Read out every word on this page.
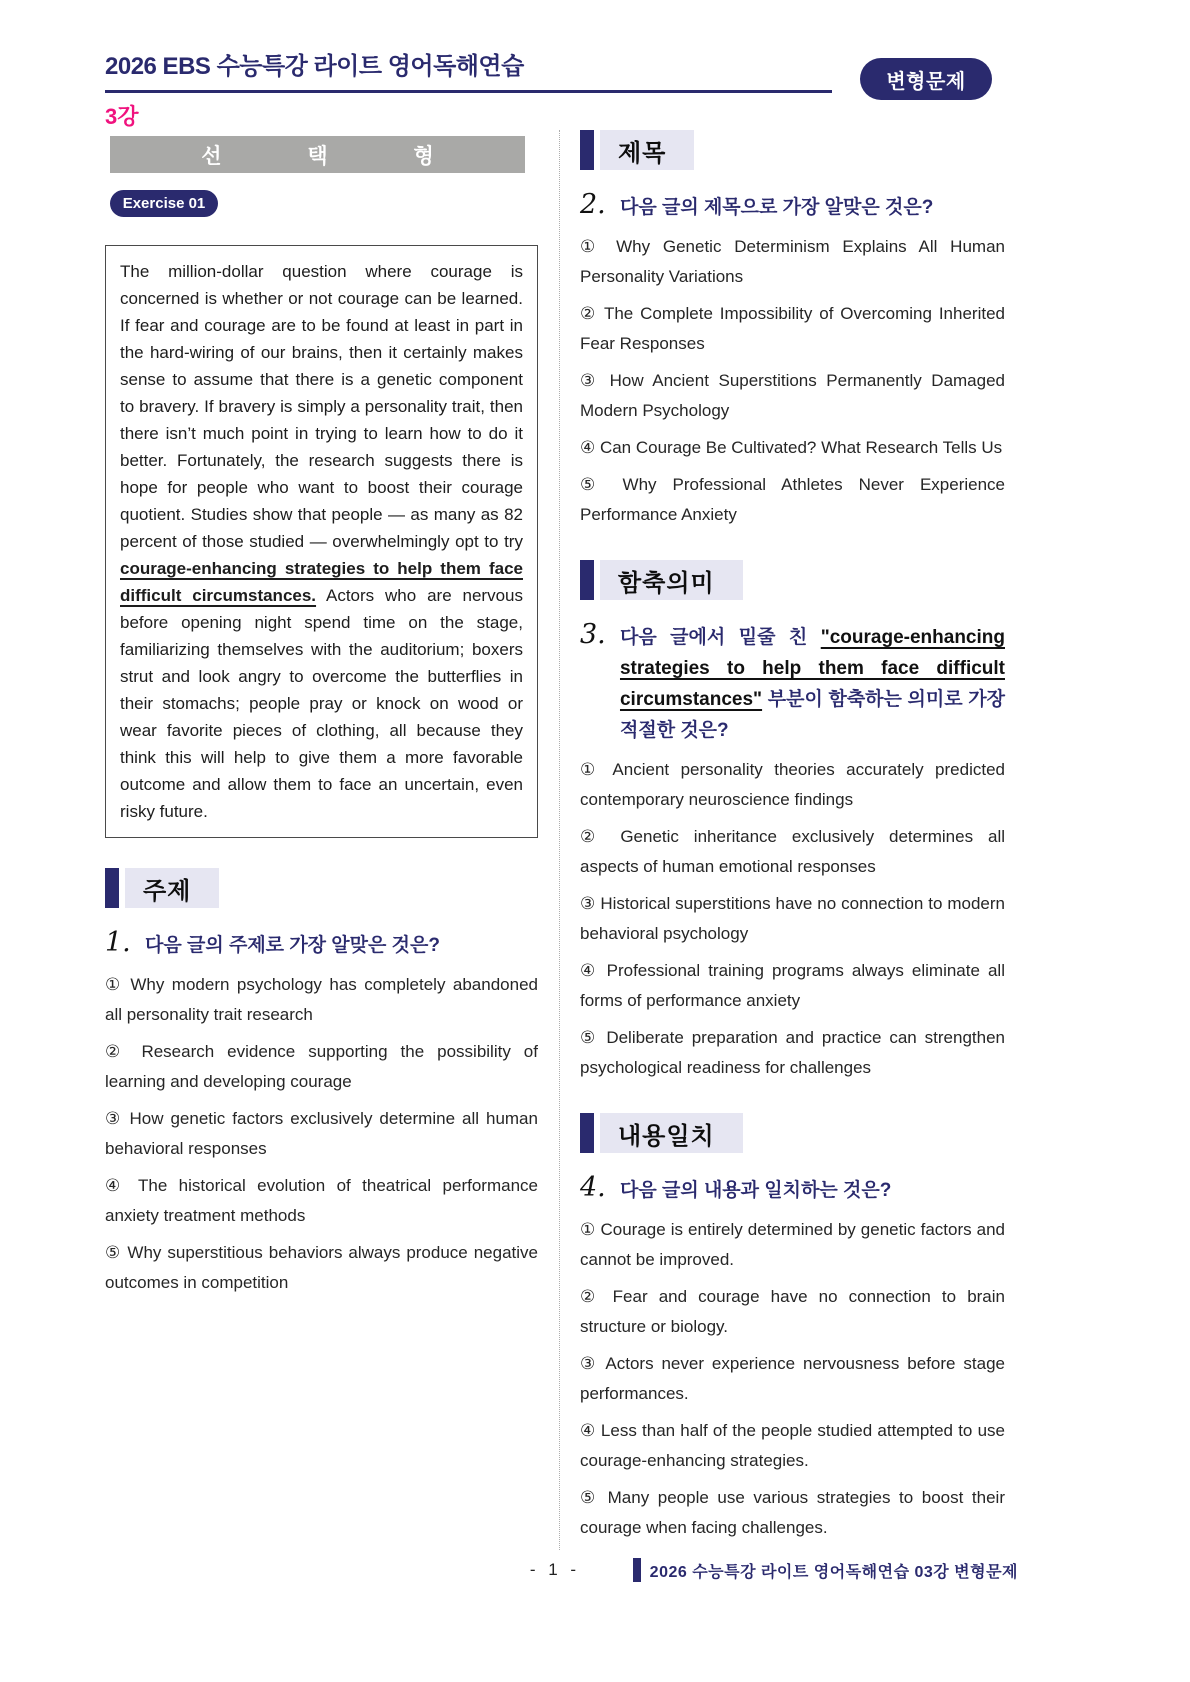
2026 EBS 수능특강 라이트 영어독해연습
3강
변형문제
선 택 형
Exercise 01
The million-dollar question where courage is concerned is whether or not courage can be learned. If fear and courage are to be found at least in part in the hard-wiring of our brains, then it certainly makes sense to assume that there is a genetic component to bravery. If bravery is simply a personality trait, then there isn’t much point in trying to learn how to do it better. Fortunately, the research suggests there is hope for people who want to boost their courage quotient. Studies show that people — as many as 82 percent of those studied — overwhelmingly opt to try courage-enhancing strategies to help them face difficult circumstances. Actors who are nervous before opening night spend time on the stage, familiarizing themselves with the auditorium; boxers strut and look angry to overcome the butterflies in their stomachs; people pray or knock on wood or wear favorite pieces of clothing, all because they think this will help to give them a more favorable outcome and allow them to face an uncertain, even risky future.
주제
1. 다음 글의 주제로 가장 알맞은 것은?

① Why modern psychology has completely abandoned all personality trait research

② Research evidence supporting the possibility of learning and developing courage

③ How genetic factors exclusively determine all human behavioral responses

④ The historical evolution of theatrical performance anxiety treatment methods

⑤ Why superstitious behaviors always produce negative outcomes in competition

제목
2. 다음 글의 제목으로 가장 알맞은 것은?

① Why Genetic Determinism Explains All Human Personality Variations

② The Complete Impossibility of Overcoming Inherited Fear Responses

③ How Ancient Superstitions Permanently Damaged Modern Psychology

④ Can Courage Be Cultivated? What Research Tells Us

⑤ Why Professional Athletes Never Experience Performance Anxiety

함축의미
3. 다음 글에서 밑줄 친 "courage-enhancing strategies to help them face difficult circumstances" 부분이 함축하는 의미로 가장 적절한 것은?

① Ancient personality theories accurately predicted contemporary neuroscience findings

② Genetic inheritance exclusively determines all aspects of human emotional responses

③ Historical superstitions have no connection to modern behavioral psychology

④ Professional training programs always eliminate all forms of performance anxiety

⑤ Deliberate preparation and practice can strengthen psychological readiness for challenges

내용일치
4. 다음 글의 내용과 일치하는 것은?

① Courage is entirely determined by genetic factors and cannot be improved.

② Fear and courage have no connection to brain structure or biology.

③ Actors never experience nervousness before stage performances.

④ Less than half of the people studied attempted to use courage-enhancing strategies.

⑤ Many people use various strategies to boost their courage when facing challenges.

- 1 -	2026 수능특강 라이트 영어독해연습 03강 변형문제
